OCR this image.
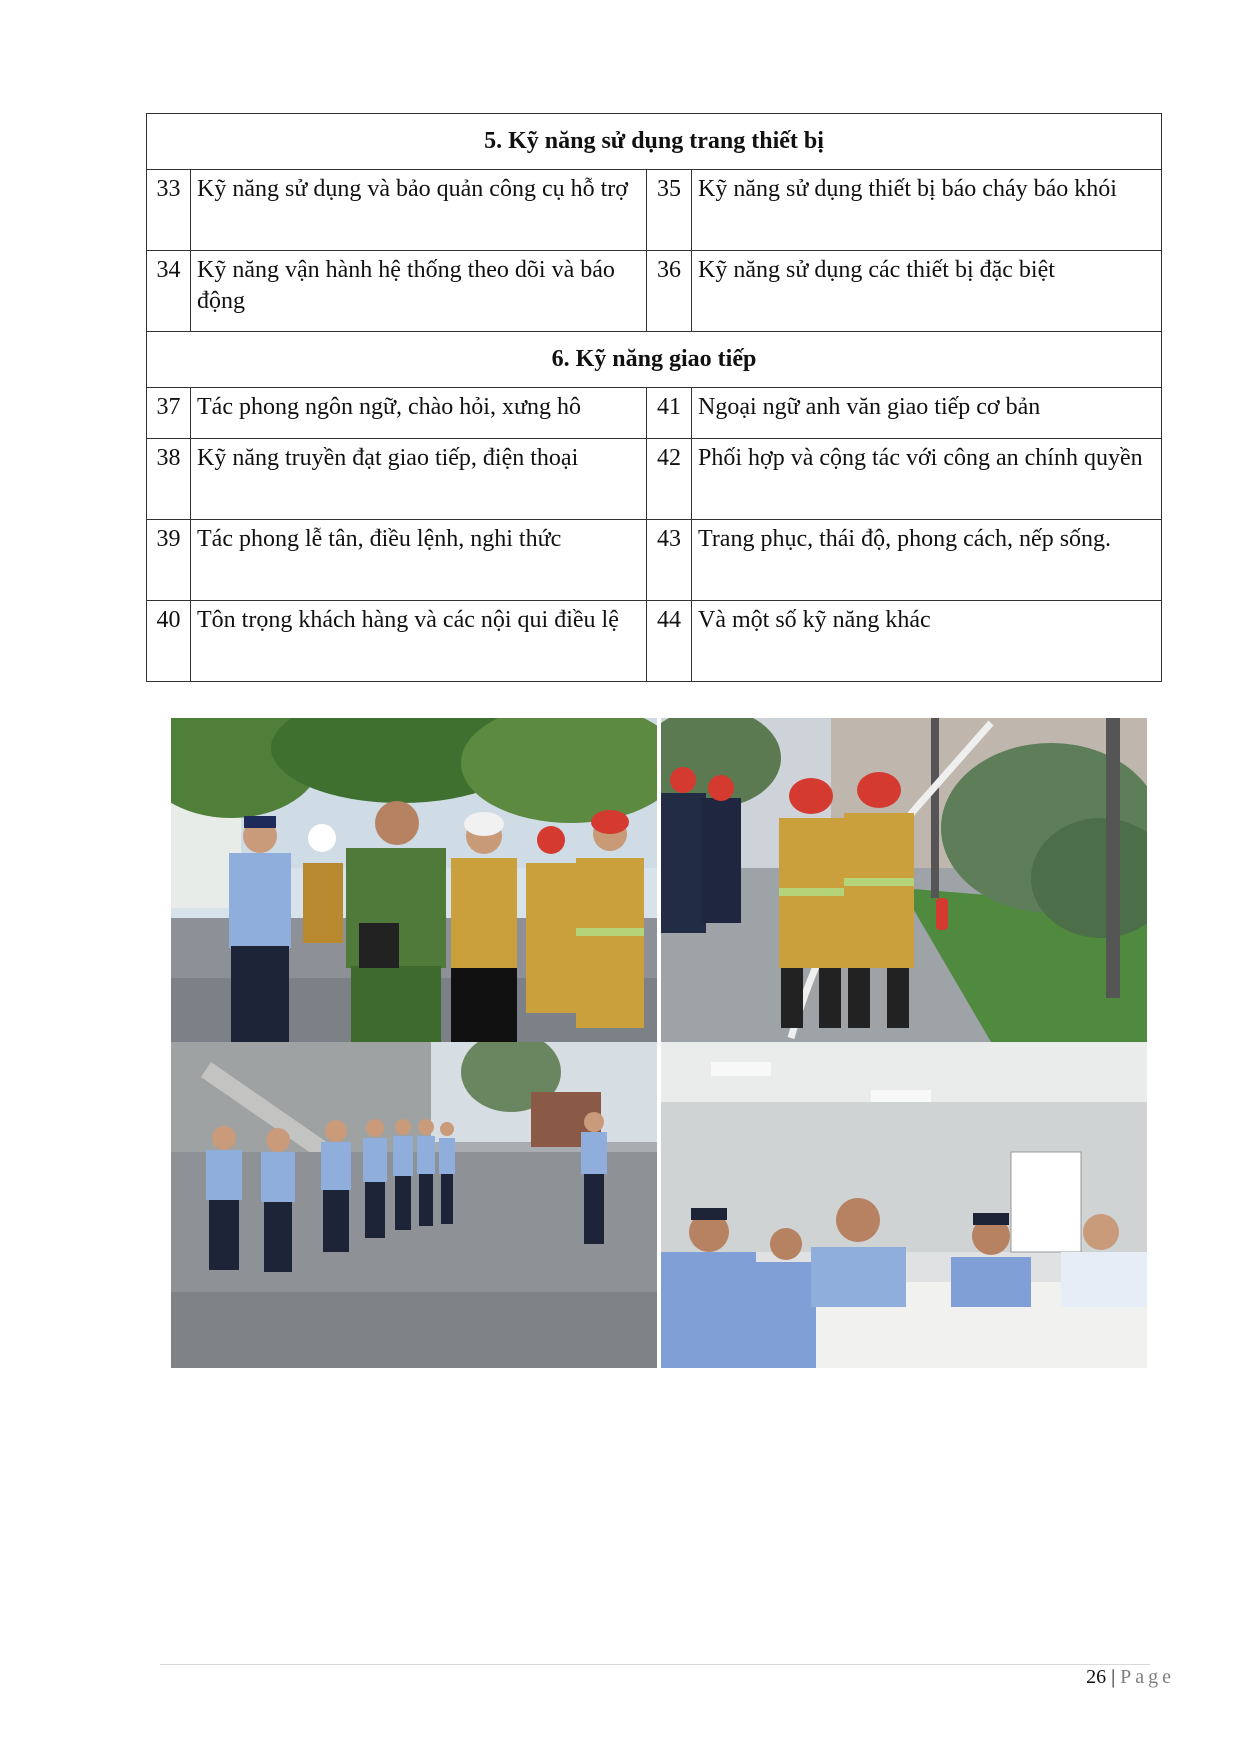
5. Kỹ năng sử dụng trang thiết bị			
33	Kỹ năng sử dụng và bảo quản công cụ hỗ trợ	35	Kỹ năng sử dụng thiết bị báo cháy báo khói
34	Kỹ năng vận hành hệ thống theo dõi và báo động	36	Kỹ năng sử dụng các thiết bị đặc biệt
6. Kỹ năng giao tiếp			
37	Tác phong ngôn ngữ, chào hỏi, xưng hô	41	Ngoại ngữ anh văn giao tiếp cơ bản
38	Kỹ năng truyền đạt giao tiếp, điện thoại	42	Phối hợp và cộng tác với công an chính quyền
39	Tác phong lễ tân, điều lệnh, nghi thức	43	Trang phục, thái độ, phong cách, nếp sống.
40	Tôn trọng khách hàng và các nội qui điều lệ	44	Và một số kỹ năng khác
26 | Page
